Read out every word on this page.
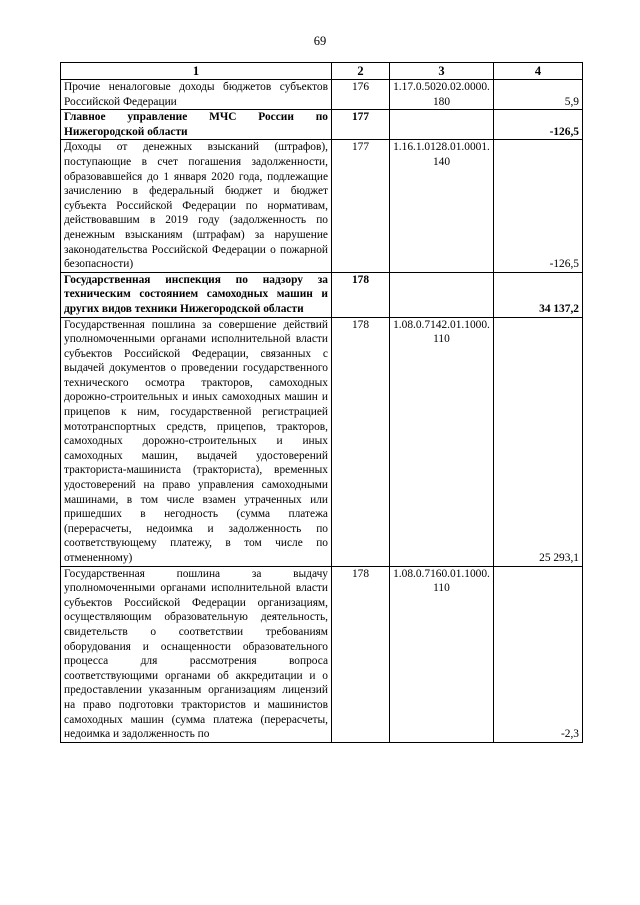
69
1	2	3	4
Прочие неналоговые доходы бюджетов субъектов Российской Федерации	176	1.17.0.5020.02.0000. 180	5,9
Главное управление МЧС России по Нижегородской области	177		-126,5
Доходы от денежных взысканий (штрафов), поступающие в счет погашения задолженности, образовавшейся до 1 января 2020 года, подлежащие зачислению в федеральный бюджет и бюджет субъекта Российской Федерации по нормативам, действовавшим в 2019 году (задолженность по денежным взысканиям (штрафам) за нарушение законодательства Российской Федерации о пожарной безопасности)	177	1.16.1.0128.01.0001. 140	-126,5
Государственная инспекция по надзору за техническим состоянием самоходных машин и других видов техники Нижегородской области	178		34 137,2
Государственная пошлина за совершение действий уполномоченными органами исполнительной власти субъектов Российской Федерации, связанных с выдачей документов о проведении государственного технического осмотра тракторов, самоходных дорожно-строительных и иных самоходных машин и прицепов к ним, государственной регистрацией мототранспортных средств, прицепов, тракторов, самоходных дорожно-строительных и иных самоходных машин, выдачей удостоверений тракториста-машиниста (тракториста), временных удостоверений на право управления самоходными машинами, в том числе взамен утраченных или пришедших в негодность (сумма платежа (перерасчеты, недоимка и задолженность по соответствующему платежу, в том числе по отмененному)	178	1.08.0.7142.01.1000. 110	25 293,1
Государственная пошлина за выдачу уполномоченными органами исполнительной власти субъектов Российской Федерации организациям, осуществляющим образовательную деятельность, свидетельств о соответствии требованиям оборудования и оснащенности образовательного процесса для рассмотрения вопроса соответствующими органами об аккредитации и о предоставлении указанным организациям лицензий на право подготовки трактористов и машинистов самоходных машин (сумма платежа (перерасчеты, недоимка и задолженность по	178	1.08.0.7160.01.1000. 110	-2,3
